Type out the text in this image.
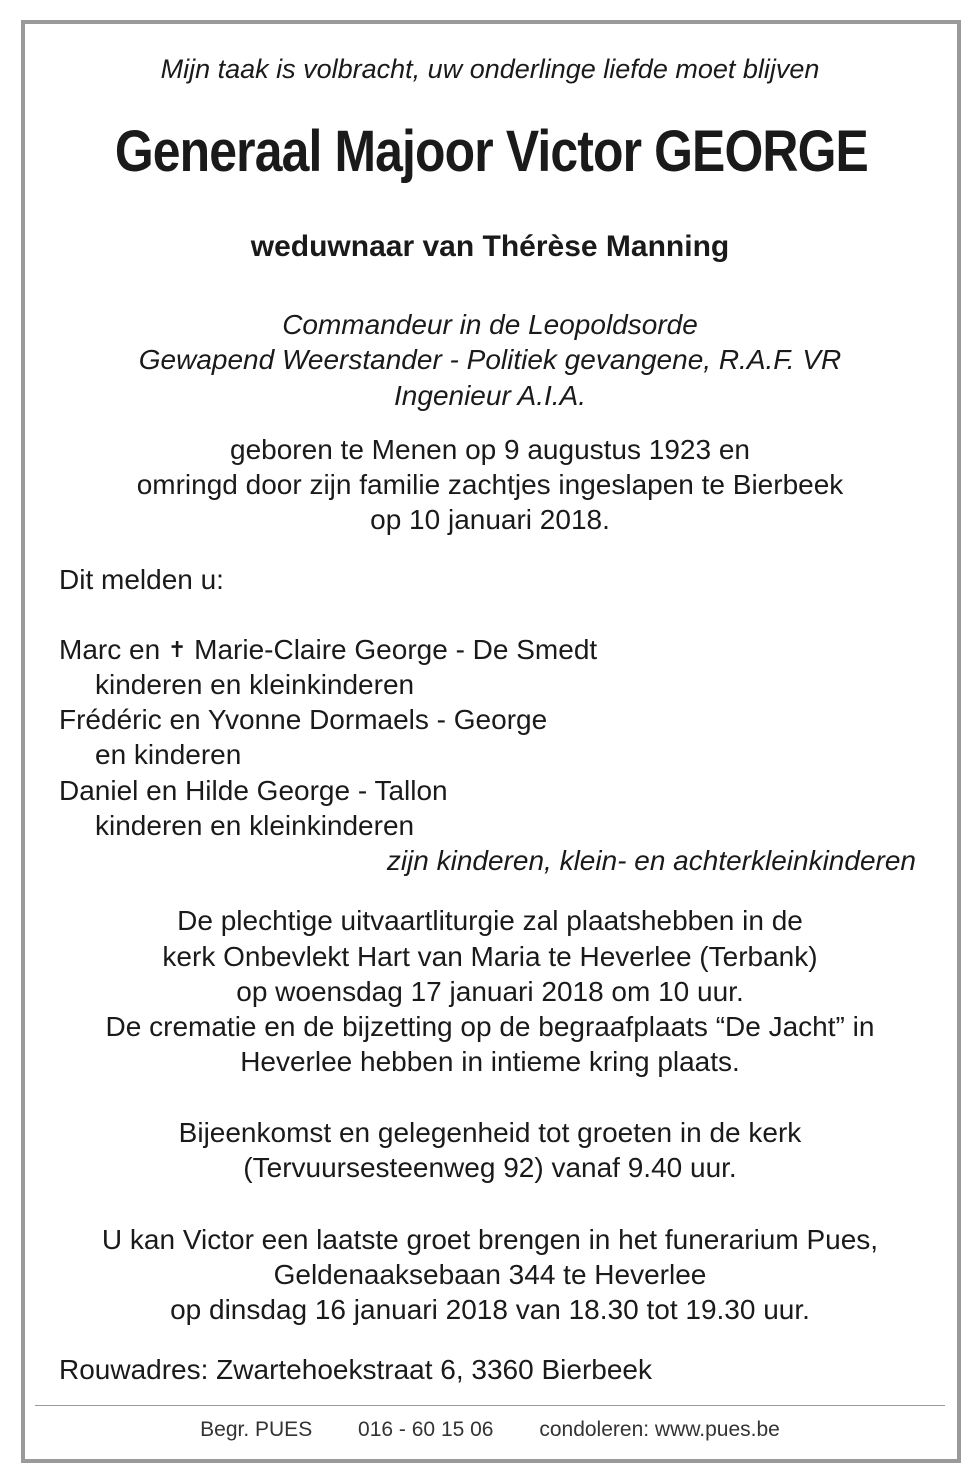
Mijn taak is volbracht, uw onderlinge liefde moet blijven
Generaal Majoor Victor GEORGE
weduwnaar van Thérèse Manning
Commandeur in de Leopoldsorde
Gewapend Weerstander - Politiek gevangene, R.A.F. VR
Ingenieur A.I.A.
geboren te Menen op 9 augustus 1923 en
omringd door zijn familie zachtjes ingeslapen te Bierbeek
op 10 januari 2018.
Dit melden u:
Marc en ✝ Marie-Claire George - De Smedt
kinderen en kleinkinderen
Frédéric en Yvonne Dormaels - George
en kinderen
Daniel en Hilde George - Tallon
kinderen en kleinkinderen
zijn kinderen, klein- en achterkleinkinderen
De plechtige uitvaartliturgie zal plaatshebben in de
kerk Onbevlekt Hart van Maria te Heverlee (Terbank)
op woensdag 17 januari 2018 om 10 uur.
De crematie en de bijzetting op de begraafplaats “De Jacht” in
Heverlee hebben in intieme kring plaats.
Bijeenkomst en gelegenheid tot groeten in de kerk
(Tervuursesteenweg 92) vanaf 9.40 uur.
U kan Victor een laatste groet brengen in het funerarium Pues,
Geldenaaksebaan 344 te Heverlee
op dinsdag 16 januari 2018 van 18.30 tot 19.30 uur.
Rouwadres: Zwartehoekstraat 6, 3360 Bierbeek
Begr. PUES 016 - 60 15 06 condoleren: www.pues.be
